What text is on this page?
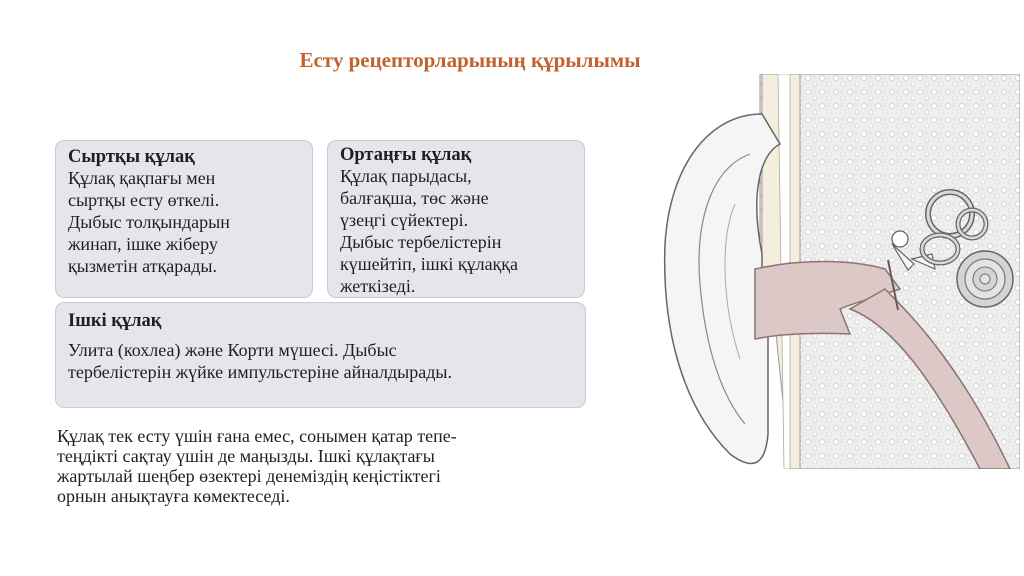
Есту рецепторларының құрылымы
Сыртқы құлақ
Құлақ қақпағы мен
сыртқы есту өткелі.
Дыбыс толқындарын
жинап, ішке жіберу
қызметін атқарады.
Ортаңғы құлақ
Құлақ парыдасы,
балғақша, төс және
үзеңгі сүйектері.
Дыбыс тербелістерін
күшейтіп, ішкі құлаққа
жеткізеді.
Ішкі құлақ
Улита (кохлеа) және Корти мүшесі. Дыбыс
тербелістерін жүйке импульстеріне айналдырады.
Құлақ тек есту үшін ғана емес, сонымен қатар тепе-
теңдікті сақтау үшін де маңызды. Ішкі құлақтағы
жартылай шеңбер өзектері денеміздің кеңістіктегі
орнын анықтауға көмектеседі.
